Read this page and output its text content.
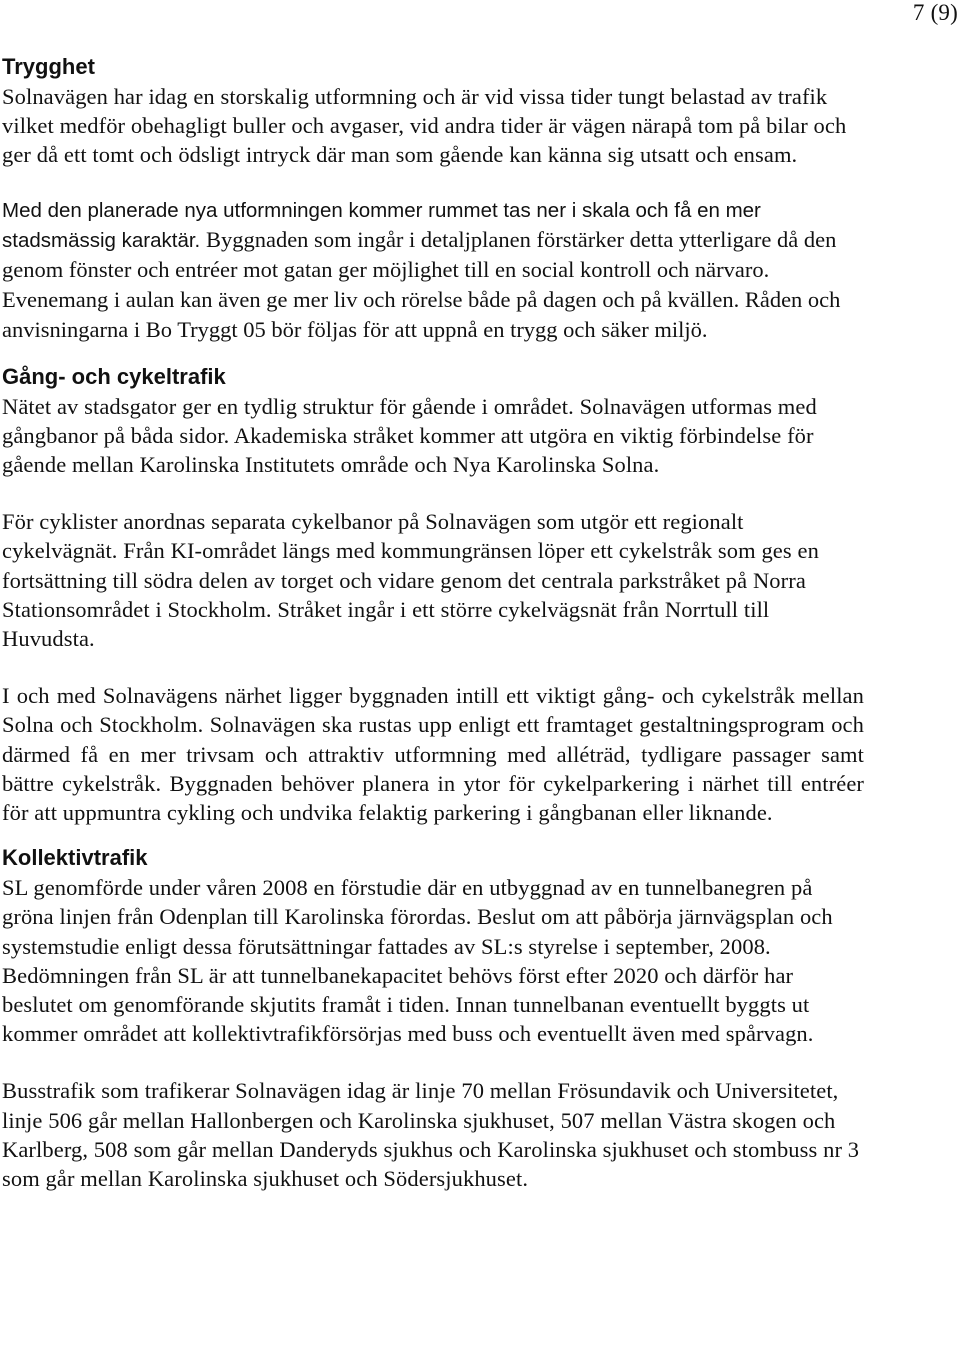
7 (9)
Trygghet

Solnavägen har idag en storskalig utformning och är vid vissa tider tungt belastad av trafik vilket medför obehagligt buller och avgaser, vid andra tider är vägen närapå tom på bilar och ger då ett tomt och ödsligt intryck där man som gående kan känna sig utsatt och ensam.

Med den planerade nya utformningen kommer rummet tas ner i skala och få en mer stadsmässig karaktär. Byggnaden som ingår i detaljplanen förstärker detta ytterligare då den genom fönster och entréer mot gatan ger möjlighet till en social kontroll och närvaro. Evenemang i aulan kan även ge mer liv och rörelse både på dagen och på kvällen. Råden och anvisningarna i Bo Tryggt 05 bör följas för att uppnå en trygg och säker miljö.

Gång- och cykeltrafik

Nätet av stadsgator ger en tydlig struktur för gående i området. Solnavägen utformas med gångbanor på båda sidor. Akademiska stråket kommer att utgöra en viktig förbindelse för gående mellan Karolinska Institutets område och Nya Karolinska Solna.

För cyklister anordnas separata cykelbanor på Solnavägen som utgör ett regionalt cykelvägnät. Från KI-området längs med kommungränsen löper ett cykelstråk som ges en fortsättning till södra delen av torget och vidare genom det centrala parkstråket på Norra Stationsområdet i Stockholm. Stråket ingår i ett större cykelvägsnät från Norrtull till Huvudsta.

I och med Solnavägens närhet ligger byggnaden intill ett viktigt gång- och cykelstråk mellan Solna och Stockholm. Solnavägen ska rustas upp enligt ett framtaget gestaltningsprogram och därmed få en mer trivsam och attraktiv utformning med alléträd, tydligare passager samt bättre cykelstråk. Byggnaden behöver planera in ytor för cykelparkering i närhet till entréer för att uppmuntra cykling och undvika felaktig parkering i gångbanan eller liknande.

Kollektivtrafik

SL genomförde under våren 2008 en förstudie där en utbyggnad av en tunnelbanegren på gröna linjen från Odenplan till Karolinska förordas. Beslut om att påbörja järnvägsplan och systemstudie enligt dessa förutsättningar fattades av SL:s styrelse i september, 2008. Bedömningen från SL är att tunnelbanekapacitet behövs först efter 2020 och därför har beslutet om genomförande skjutits framåt i tiden. Innan tunnelbanan eventuellt byggts ut kommer området att kollektivtrafikförsörjas med buss och eventuellt även med spårvagn.

Busstrafik som trafikerar Solnavägen idag är linje 70 mellan Frösundavik och Universitetet, linje 506 går mellan Hallonbergen och Karolinska sjukhuset, 507 mellan Västra skogen och Karlberg, 508 som går mellan Danderyds sjukhus och Karolinska sjukhuset och stombuss nr 3 som går mellan Karolinska sjukhuset och Södersjukhuset.
